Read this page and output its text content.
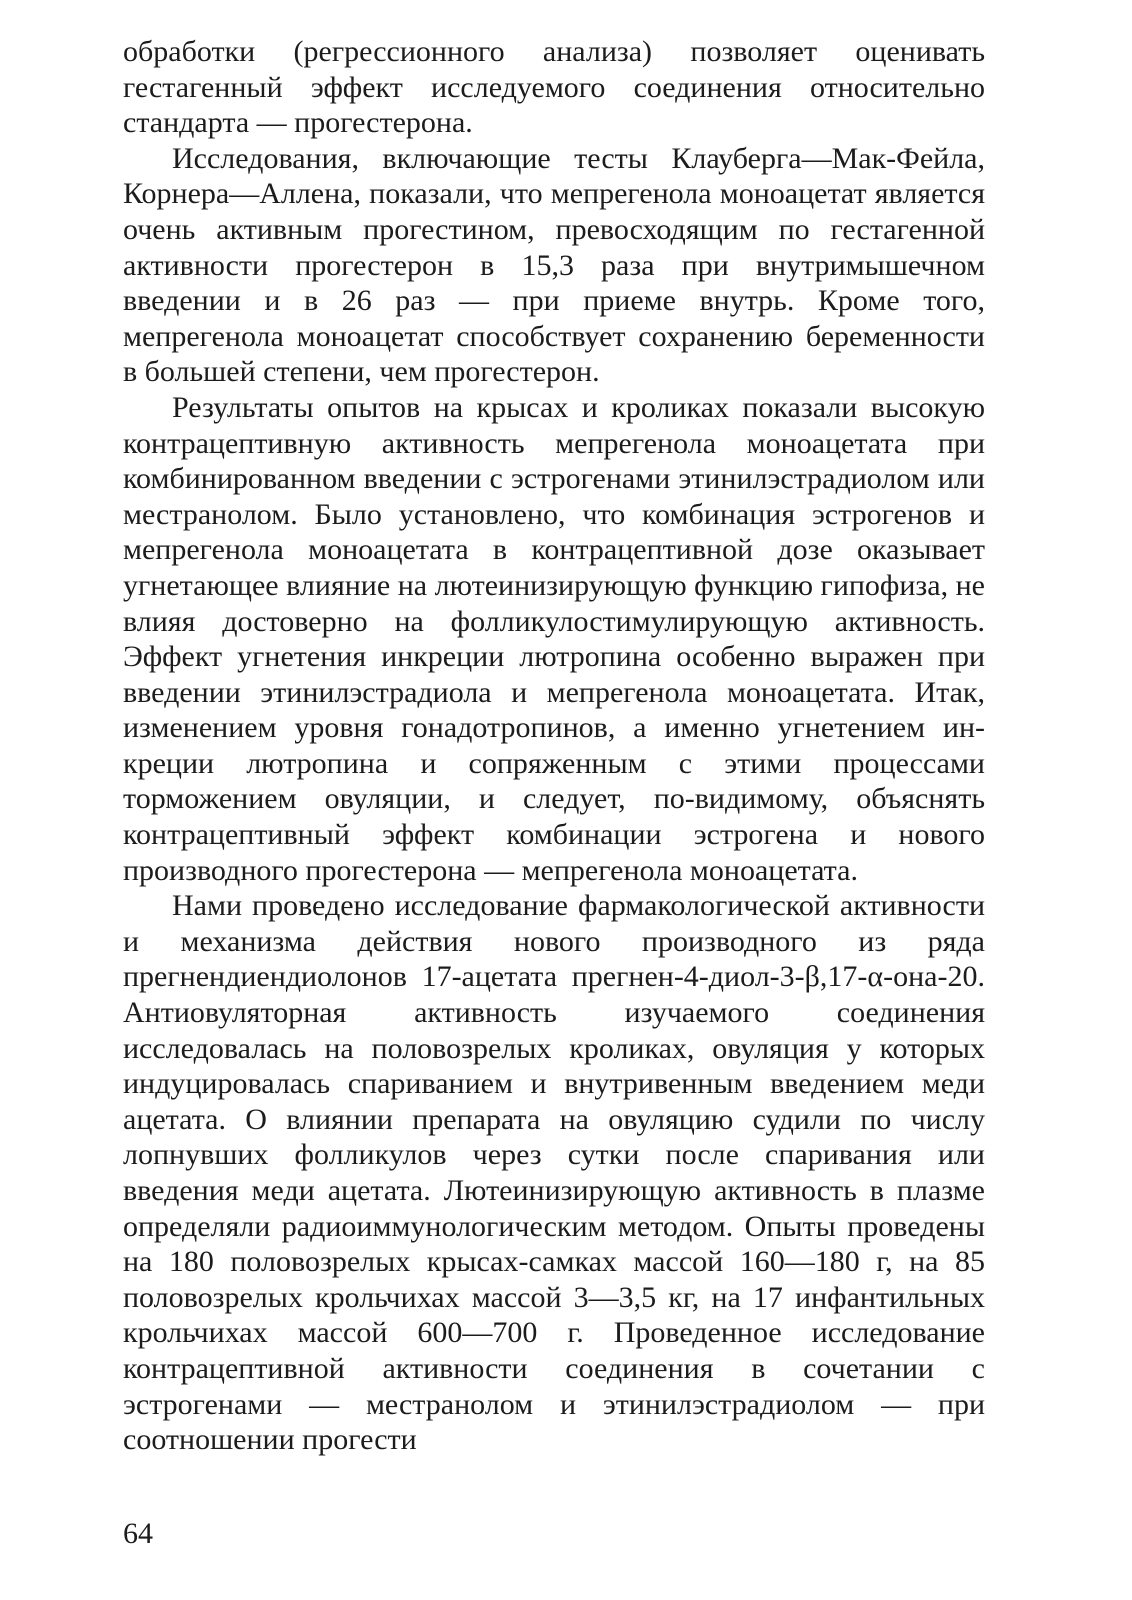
обработки (регрессионного анализа) позволяет оценивать гестагенный эффект исследуемого соединения относительно стандарта — прогестерона.

Исследования, включающие тесты Клауберга—Мак-Фейла, Корнера—Аллена, показали, что мепрегенола моноацетат является очень активным прогестином, превосходящим по гестагенной активности прогестерон в 15,3 раза при внутримышечном введении и в 26 раз — при приеме внутрь. Кроме того, мепрегенола моноацетат способствует сохранению беременности в большей степени, чем прогестерон.

Результаты опытов на крысах и кроликах показали высокую контрацептивную активность мепрегенола моноацетата при комбинированном введении с эстрогенами этинилэстрадиолом или местранолом. Было установлено, что комбинация эстрогенов и мепрегенола моноацетата в контрацептивной дозе оказывает угнетающее влияние на лютеинизирующую функцию гипофиза, не влияя достоверно на фолликулостимулирующую активность. Эффект угнетения инкреции лютропина особенно выражен при введении этинилэстрадиола и мепрегенола моноацетата. Итак, изменением уровня гонадотропинов, а именно угнетением инкреции лютропина и сопряженным с этими процессами торможением овуляции, и следует, по-видимому, объяснять контрацептивный эффект комбинации эстрогена и нового производного прогестерона — мепрегенола моноацетата.

Нами проведено исследование фармакологической активности и механизма действия нового производного из ряда прегнендиендиолонов 17-ацетата прегнен-4-диол-3-β,17-α-она-20. Антиовуляторная активность изучаемого соединения исследовалась на половозрелых кроликах, овуляция у которых индуцировалась спариванием и внутривенным введением меди ацетата. О влиянии препарата на овуляцию судили по числу лопнувших фолликулов через сутки после спаривания или введения меди ацетата. Лютеинизирующую активность в плазме определяли радиоиммунологическим методом. Опыты проведены на 180 половозрелых крысах-самках массой 160—180 г, на 85 половозрелых крольчихах массой 3—3,5 кг, на 17 инфантильных крольчихах массой 600—700 г. Проведенное исследование контрацептивной активности соединения в сочетании с эстрогенами — местранолом и этинилэстрадиолом — при соотношении прогести

64
